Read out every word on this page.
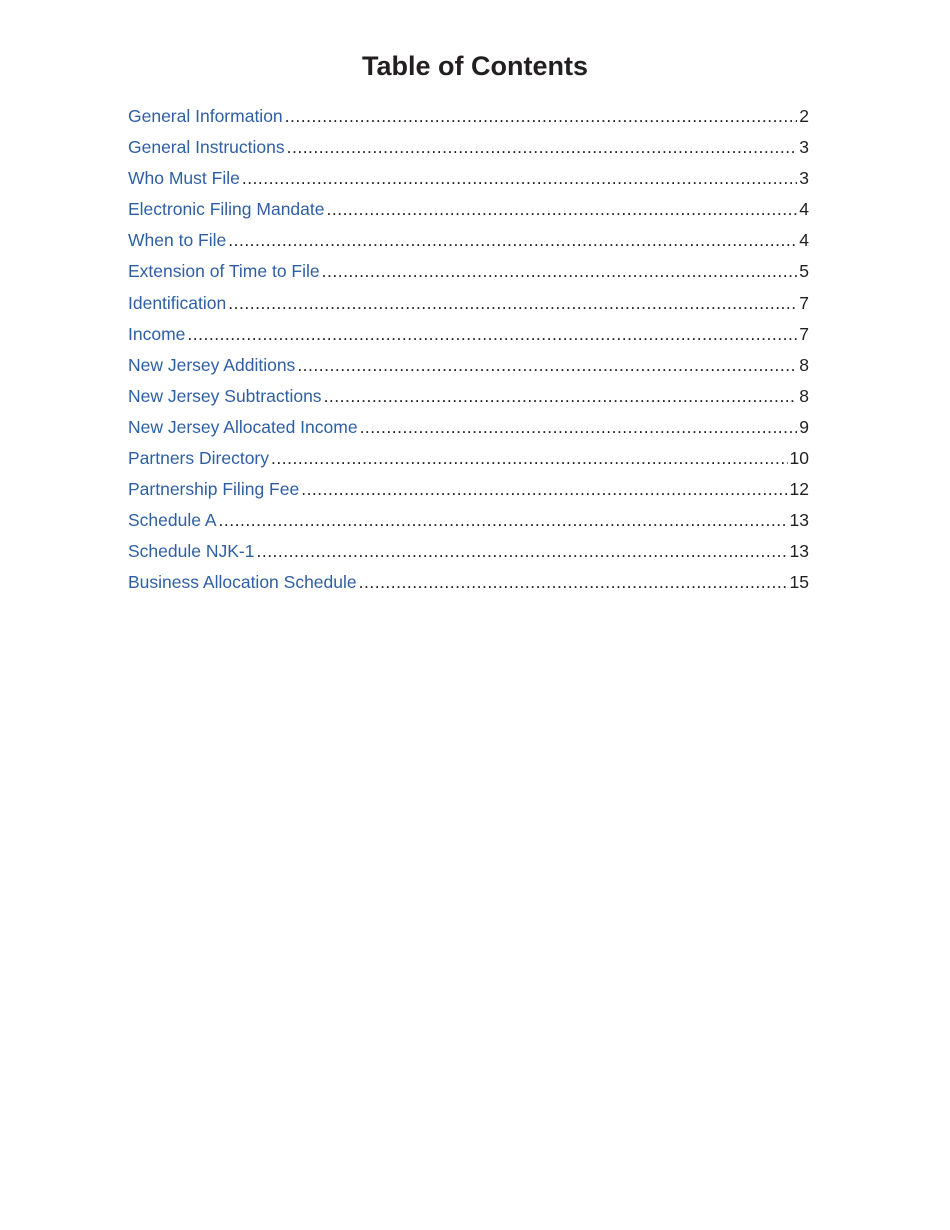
Table of Contents
General Information .....	2
General Instructions .....	3
Who Must File .....	3
Electronic Filing Mandate .....	4
When to File .....	4
Extension of Time to File .....	5
Identification .....	7
Income .....	7
New Jersey Additions .....	8
New Jersey Subtractions .....	8
New Jersey Allocated Income .....	9
Partners Directory .....	10
Partnership Filing Fee .....	12
Schedule A .....	13
Schedule NJK-1 .....	13
Business Allocation Schedule .....	15
